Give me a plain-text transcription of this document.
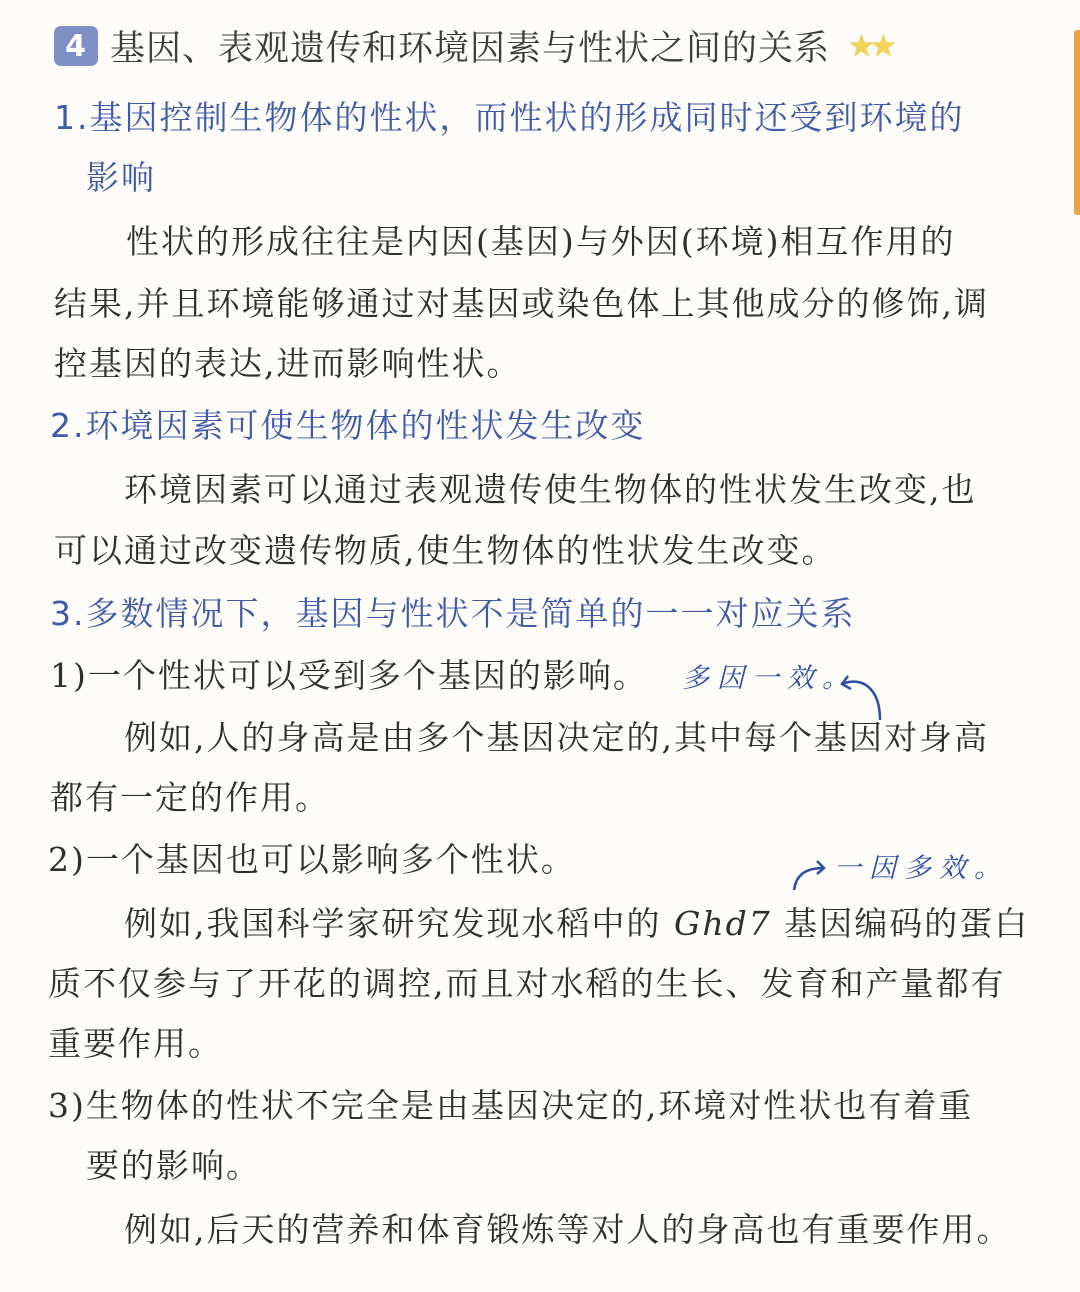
4 基因、表观遗传和环境因素与性状之间的关系 ★
★
1.基因控制生物体的性状，而性状的形成同时还受到环境的
影响
性状的形成往往是内因(基因)与外因(环境)相互作用的
结果,并且环境能够通过对基因或染色体上其他成分的修饰,调
控基因的表达,进而影响性状。
2.环境因素可使生物体的性状发生改变
环境因素可以通过表观遗传使生物体的性状发生改变,也
可以通过改变遗传物质,使生物体的性状发生改变。
3.多数情况下，基因与性状不是简单的一一对应关系
1)一个性状可以受到多个基因的影响。 多因一效。
例如,人的身高是由多个基因决定的,其中每个基因对身高
都有一定的作用。
2)一个基因也可以影响多个性状。	一因多效。
例如,我国科学家研究发现水稻中的 Ghd7 基因编码的蛋白
质不仅参与了开花的调控,而且对水稻的生长、发育和产量都有
重要作用。
3)生物体的性状不完全是由基因决定的,环境对性状也有着重
要的影响。
例如,后天的营养和体育锻炼等对人的身高也有重要作用。
